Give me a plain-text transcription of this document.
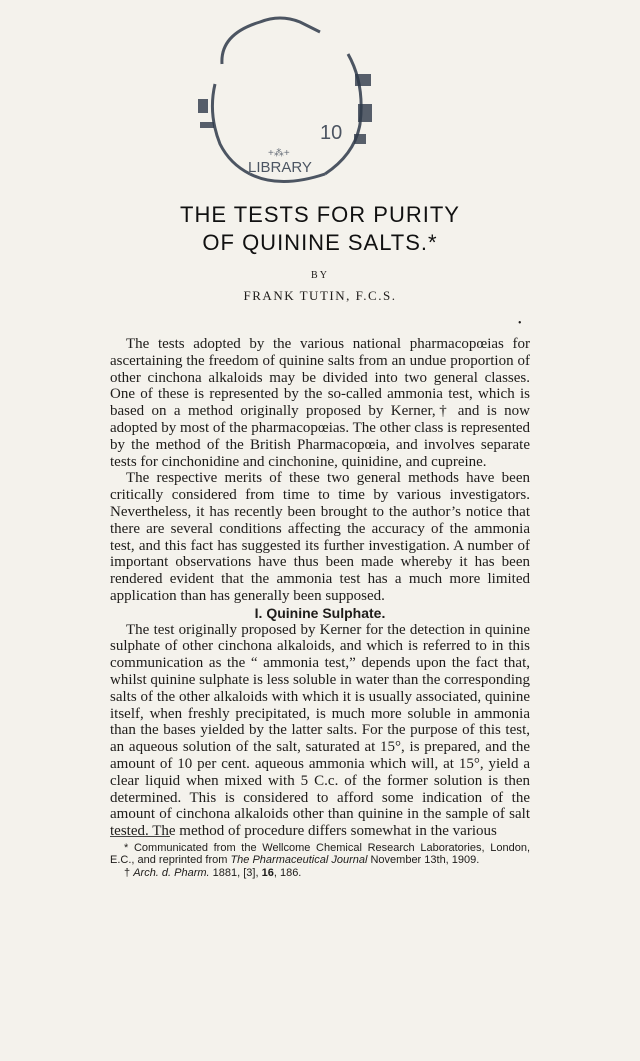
10
LIBRARY
+⁂+
THE TESTS FOR PURITY
OF QUININE SALTS.*
BY
FRANK TUTIN, F.C.S.
•

The tests adopted by the various national pharmacopœias for ascertaining the freedom of quinine salts from an undue proportion of other cinchona alkaloids may be divided into two general classes. One of these is represented by the so-called ammonia test, which is based on a method originally proposed by Kerner,† and is now adopted by most of the pharmacopœias. The other class is represented by the method of the British Pharmacopœia, and involves separate tests for cinchonidine and cinchonine, quinidine, and cupreine.

The respective merits of these two general methods have been critically considered from time to time by various investigators. Nevertheless, it has recently been brought to the author’s notice that there are several conditions affecting the accuracy of the ammonia test, and this fact has suggested its further investigation. A number of important observations have thus been made whereby it has been rendered evident that the ammonia test has a much more limited application than has generally been supposed.

I. Quinine Sulphate.

The test originally proposed by Kerner for the detection in quinine sulphate of other cinchona alkaloids, and which is referred to in this communication as the “ ammonia test,” depends upon the fact that, whilst quinine sulphate is less soluble in water than the corresponding salts of the other alkaloids with which it is usually associated, quinine itself, when freshly precipitated, is much more soluble in ammonia than the bases yielded by the latter salts. For the purpose of this test, an aqueous solution of the salt, saturated at 15°, is prepared, and the amount of 10 per cent. aqueous ammonia which will, at 15°, yield a clear liquid when mixed with 5 C.c. of the former solution is then determined. This is considered to afford some indication of the amount of cinchona alkaloids other than quinine in the sample of salt tested. The method of procedure differs somewhat in the various

* Communicated from the Wellcome Chemical Research Laboratories, London, E.C., and reprinted from The Pharmaceutical Journal November 13th, 1909.

† Arch. d. Pharm. 1881, [3], 16, 186.
